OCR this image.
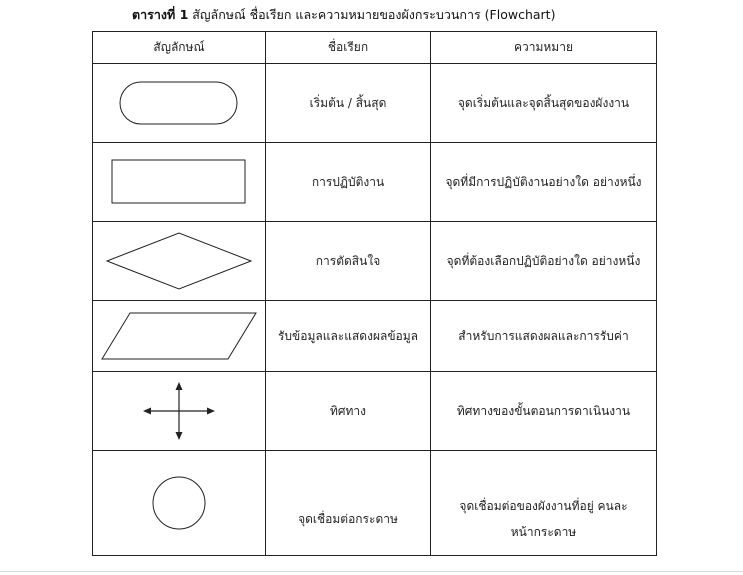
ตารางที่ 1 สัญลักษณ์ ชื่อเรียก และความหมายของผังกระบวนการ (Flowchart)
สัญลักษณ์	ชื่อเรียก	ความหมาย

เริ่มต้น / สิ้นสุด	จุดเริ่มต้นและจุดสิ้นสุดของผังงาน

การปฏิบัติงาน	จุดที่มีการปฏิบัติงานอย่างใด อย่างหนึ่ง

การตัดสินใจ	จุดที่ต้องเลือกปฏิบัติอย่างใด อย่างหนึ่ง

รับข้อมูลและแสดงผลข้อมูล	สำหรับการแสดงผลและการรับค่า

ทิศทาง	ทิศทางของขั้นตอนการดาเนินงาน

จุดเชื่อมต่อกระดาษ	จุดเชื่อมต่อของผังงานที่อยู่ คนละ
หน้ากระดาษ
